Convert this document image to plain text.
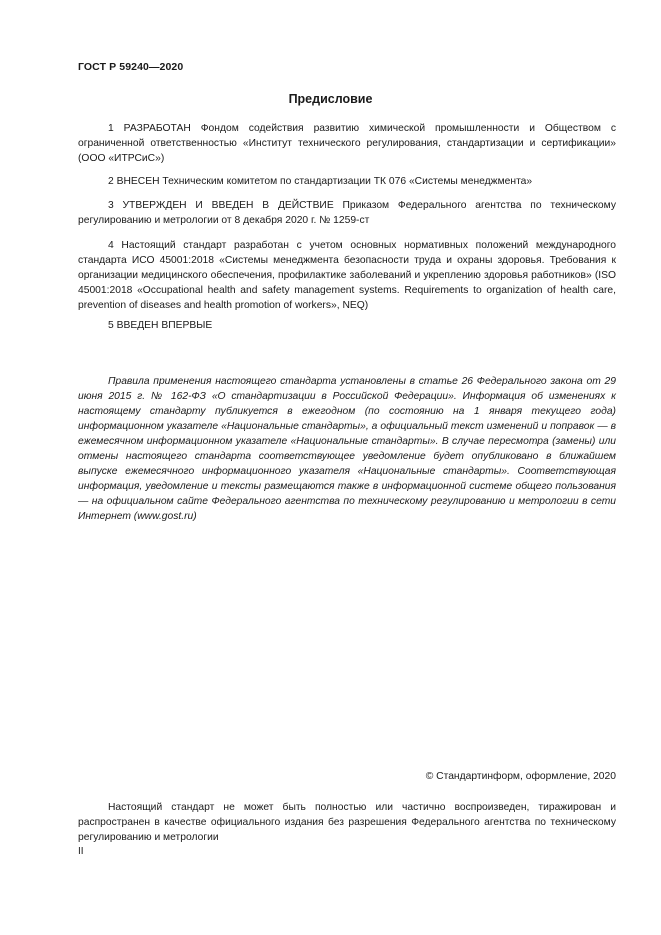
ГОСТ Р 59240—2020
Предисловие

1 РАЗРАБОТАН Фондом содействия развитию химической промышленности и Обществом с ограниченной ответственностью «Институт технического регулирования, стандартизации и сертификации» (ООО «ИТРСиС»)

2 ВНЕСЕН Техническим комитетом по стандартизации ТК 076 «Системы менеджмента»

3 УТВЕРЖДЕН И ВВЕДЕН В ДЕЙСТВИЕ Приказом Федерального агентства по техническому регулированию и метрологии от 8 декабря 2020 г. № 1259-ст

4 Настоящий стандарт разработан с учетом основных нормативных положений международного стандарта ИСО 45001:2018 «Системы менеджмента безопасности труда и охраны здоровья. Требования к организации медицинского обеспечения, профилактике заболеваний и укреплению здоровья работников» (ISO 45001:2018 «Occupational health and safety management systems. Requirements to organization of health care, prevention of diseases and health promotion of workers», NEQ)

5 ВВЕДЕН ВПЕРВЫЕ

Правила применения настоящего стандарта установлены в статье 26 Федерального закона от 29 июня 2015 г. № 162-ФЗ «О стандартизации в Российской Федерации». Информация об изменениях к настоящему стандарту публикуется в ежегодном (по состоянию на 1 января текущего года) информационном указателе «Национальные стандарты», а официальный текст изменений и поправок — в ежемесячном информационном указателе «Национальные стандарты». В случае пересмотра (замены) или отмены настоящего стандарта соответствующее уведомление будет опубликовано в ближайшем выпуске ежемесячного информационного указателя «Национальные стандарты». Соответствующая информация, уведомление и тексты размещаются также в информационной системе общего пользования — на официальном сайте Федерального агентства по техническому регулированию и метрологии в сети Интернет (www.gost.ru)

© Стандартинформ, оформление, 2020

Настоящий стандарт не может быть полностью или частично воспроизведен, тиражирован и распространен в качестве официального издания без разрешения Федерального агентства по техническому регулированию и метрологии

II
